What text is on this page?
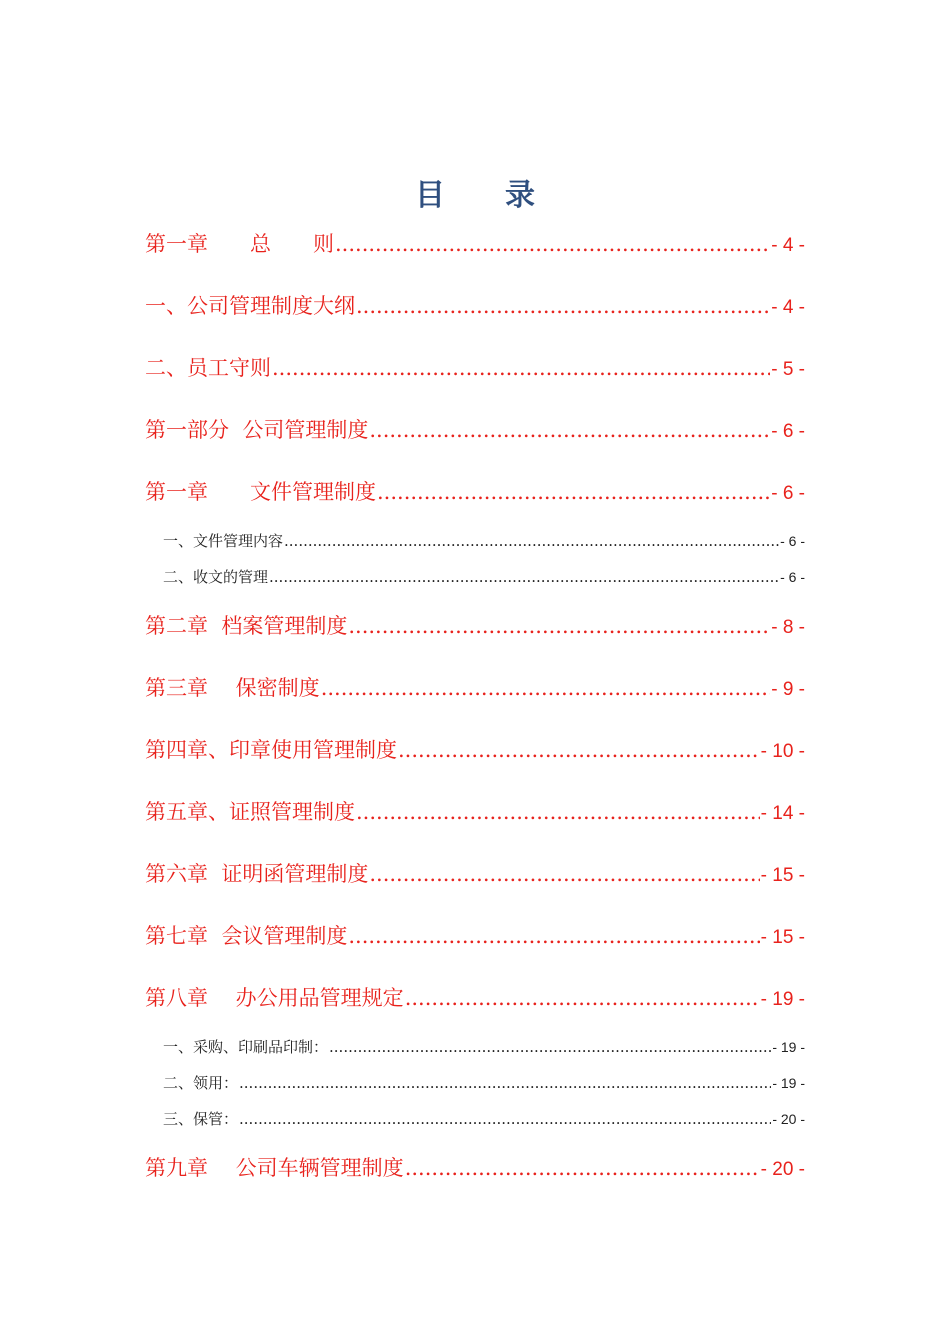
目　　录
第一章　　总　　则 .....	- 4 -
一、公司管理制度大纲 .....	- 4 -
二、员工守则 .....	- 5 -
第一部分  公司管理制度 .....	- 6 -
第一章　　文件管理制度 .....	- 6 -
一、文件管理内容 .....	- 6 -
二、收文的管理 .....	- 6 -
第二章  档案管理制度 .....	- 8 -
第三章　 保密制度 .....	- 9 -
第四章、印章使用管理制度 .....	- 10 -
第五章、证照管理制度 .....	- 14 -
第六章  证明函管理制度 .....	- 15 -
第七章  会议管理制度 .....	- 15 -
第八章　 办公用品管理规定 .....	- 19 -
一、采购、印刷品印制： .....	- 19 -
二、领用： .....	- 19 -
三、保管： .....	- 20 -
第九章　 公司车辆管理制度 .....	- 20 -
